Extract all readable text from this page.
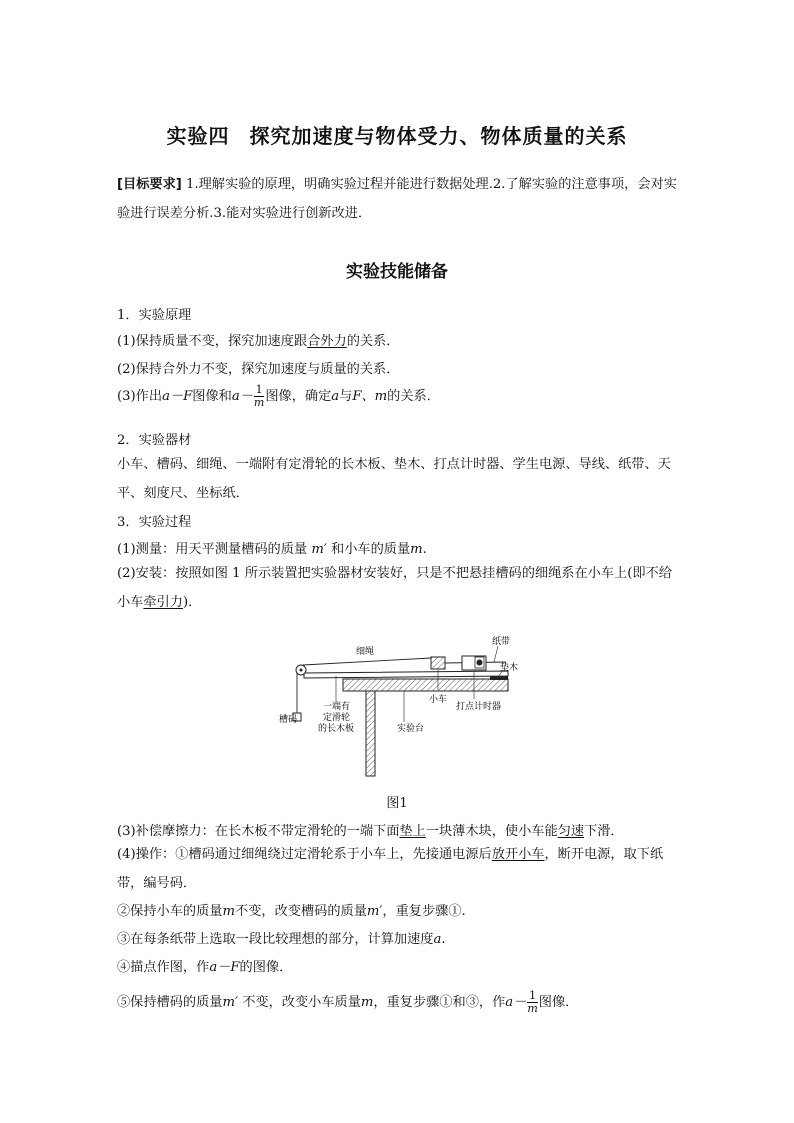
实验四 探究加速度与物体受力、物体质量的关系
[目标要求] 1.理解实验的原理，明确实验过程并能进行数据处理.2.了解实验的注意事项，会对实验进行误差分析.3.能对实验进行创新改进．
实验技能储备
1．实验原理
(1)保持质量不变，探究加速度跟合外力的关系．
(2)保持合外力不变，探究加速度与质量的关系．
(3)作出a－F图像和$a- \frac{1}{m}$ 图像，确定a与F、m的关系．
2．实验器材
小车、槽码、细绳、一端附有定滑轮的长木板、垫木、打点计时器、学生电源、导线、纸带、天平、刻度尺、坐标纸．
3．实验过程
(1)测量：用天平测量槽码的质量 m′ 和小车的质量m.
(2)安装：按照如图 1 所示装置把实验器材安装好，只是不把悬挂槽码的细绳系在小车上(即不给小车牵引力)．
细绳
纸带
垫木
小车
打点计时器
槽码
一端有
定滑轮
的长木板	实验台
图1
(3)补偿摩擦力：在长木板不带定滑轮的一端下面垫上一块薄木块，使小车能匀速下滑．
(4)操作：①槽码通过细绳绕过定滑轮系于小车上，先接通电源后放开小车，断开电源，取下纸带，编号码．
②保持小车的质量m不变，改变槽码的质量m′，重复步骤①.
③在每条纸带上选取一段比较理想的部分，计算加速度a.
④描点作图，作a－F的图像．
⑤保持槽码的质量m′ 不变，改变小车质量m，重复步骤①和③，作$a- \frac{1}{m}$ 图像．
